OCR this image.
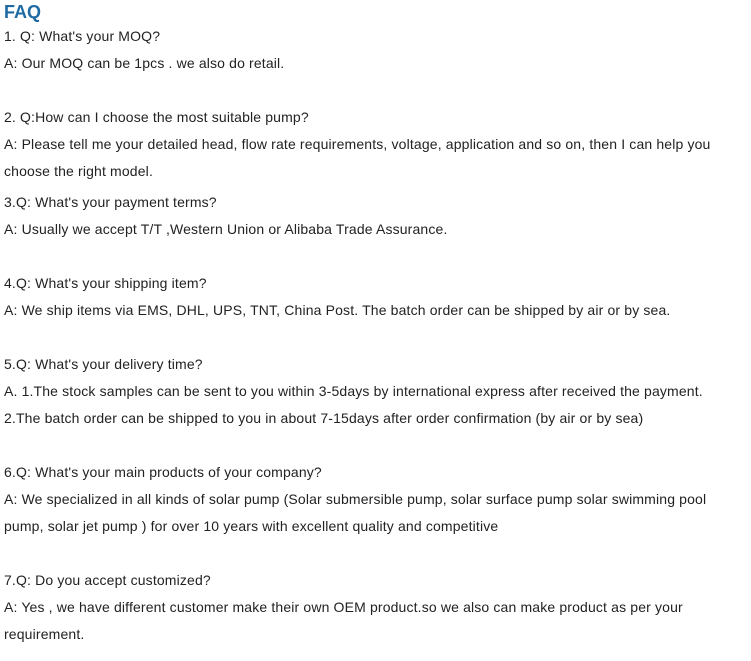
FAQ

1. Q: What's your MOQ?

A: Our MOQ can be 1pcs . we also do retail.

2. Q:How can I choose the most suitable pump?

A: Please tell me your detailed head, flow rate requirements, voltage, application and so on, then I can help you

choose the right model.

3.Q: What's your payment terms?

A: Usually we accept T/T ,Western Union or Alibaba Trade Assurance.

4.Q: What's your shipping item?

A: We ship items via EMS, DHL, UPS, TNT, China Post. The batch order can be shipped by air or by sea.

5.Q: What's your delivery time?

A. 1.The stock samples can be sent to you within 3-5days by international express after received the payment.

2.The batch order can be shipped to you in about 7-15days after order confirmation (by air or by sea)

6.Q: What's your main products of your company?

A: We specialized in all kinds of solar pump (Solar submersible pump, solar surface pump solar swimming pool

pump, solar jet pump ) for over 10 years with excellent quality and competitive

7.Q: Do you accept customized?

A: Yes , we have different customer make their own OEM product.so we also can make product as per your

requirement.
